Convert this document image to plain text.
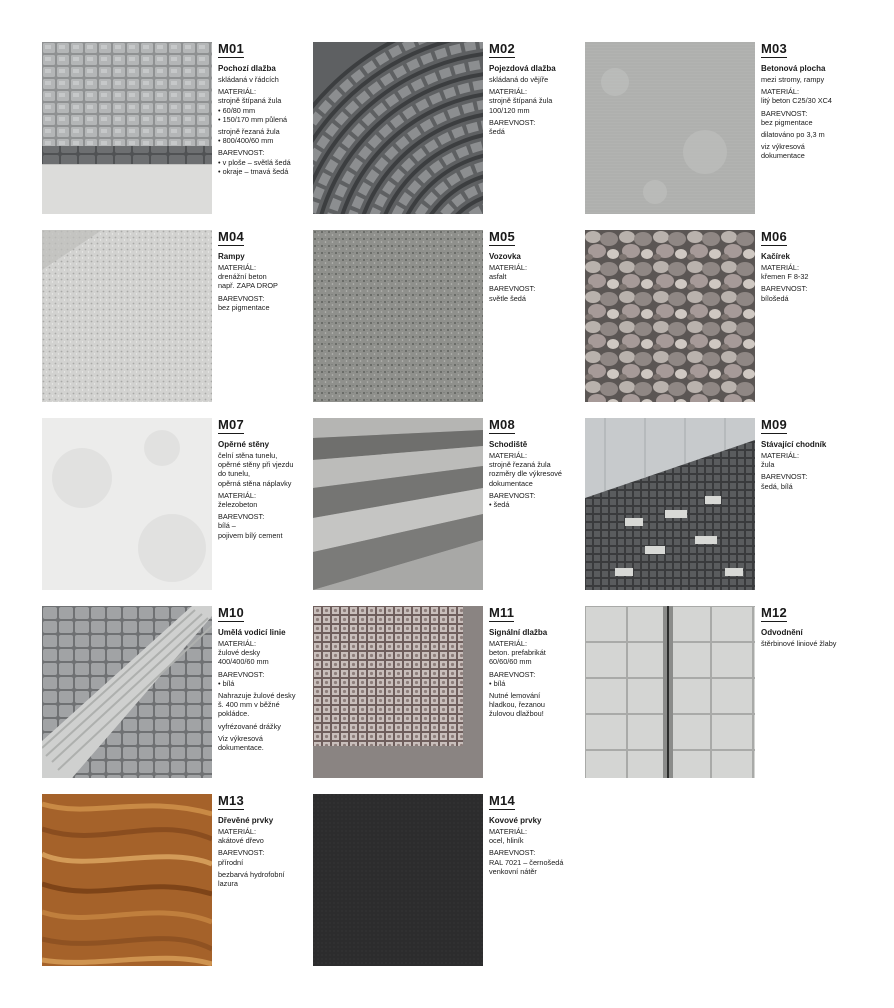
M01
Pochozí dlažba
skládaná v řádcích
MATERIÁL:
strojně štípaná žula
• 60/80 mm
• 150/170 mm půlená
strojně řezaná žula
• 800/400/60 mm
BAREVNOST:
• v ploše – světlá šedá
• okraje – tmavá šedá
M02
Pojezdová dlažba
skládaná do vějíře
MATERIÁL:
strojně štípaná žula
100/120 mm
BAREVNOST:
šedá
M03
Betonová plocha
mezi stromy, rampy
MATERIÁL:
litý beton C25/30 XC4
BAREVNOST:
bez pigmentace
dilatováno po 3,3 m
viz výkresová
dokumentace
M04
Rampy
MATERIÁL:
drenážní beton
např. ZAPA DROP
BAREVNOST:
bez pigmentace
M05
Vozovka
MATERIÁL:
asfalt
BAREVNOST:
světle šedá
M06
Kačírek
MATERIÁL:
křemen F 8-32
BAREVNOST:
bílošedá
M07
Opěrné stěny
čelní stěna tunelu,
opěrné stěny při vjezdu
do tunelu,
opěrná stěna náplavky
MATERIÁL:
železobeton
BAREVNOST:
bílá –
pojivem bílý cement
M08
Schodiště
MATERIÁL:
strojně řezaná žula
rozměry dle výkresové
dokumentace
BAREVNOST:
• šedá
M09
Stávající chodník
MATERIÁL:
žula
BAREVNOST:
šedá, bílá
M10
Umělá vodicí linie
MATERIÁL:
žulové desky
400/400/60 mm
BAREVNOST:
• bílá
Nahrazuje žulové desky
š. 400 mm v běžné
pokládce.
vyfrézované drážky
Viz výkresová
dokumentace.
M11
Signální dlažba
MATERIÁL:
beton. prefabrikát
60/60/60 mm
BAREVNOST:
• bílá
Nutné lemování
hladkou, řezanou
žulovou dlažbou!
M12
Odvodnění
štěrbinové liniové žlaby
M13
Dřevěné prvky
MATERIÁL:
akátové dřevo
BAREVNOST:
přírodní
bezbarvá hydrofobní
lazura
M14
Kovové prvky
MATERIÁL:
ocel, hliník
BAREVNOST:
RAL 7021 – černošedá
venkovní nátěr
